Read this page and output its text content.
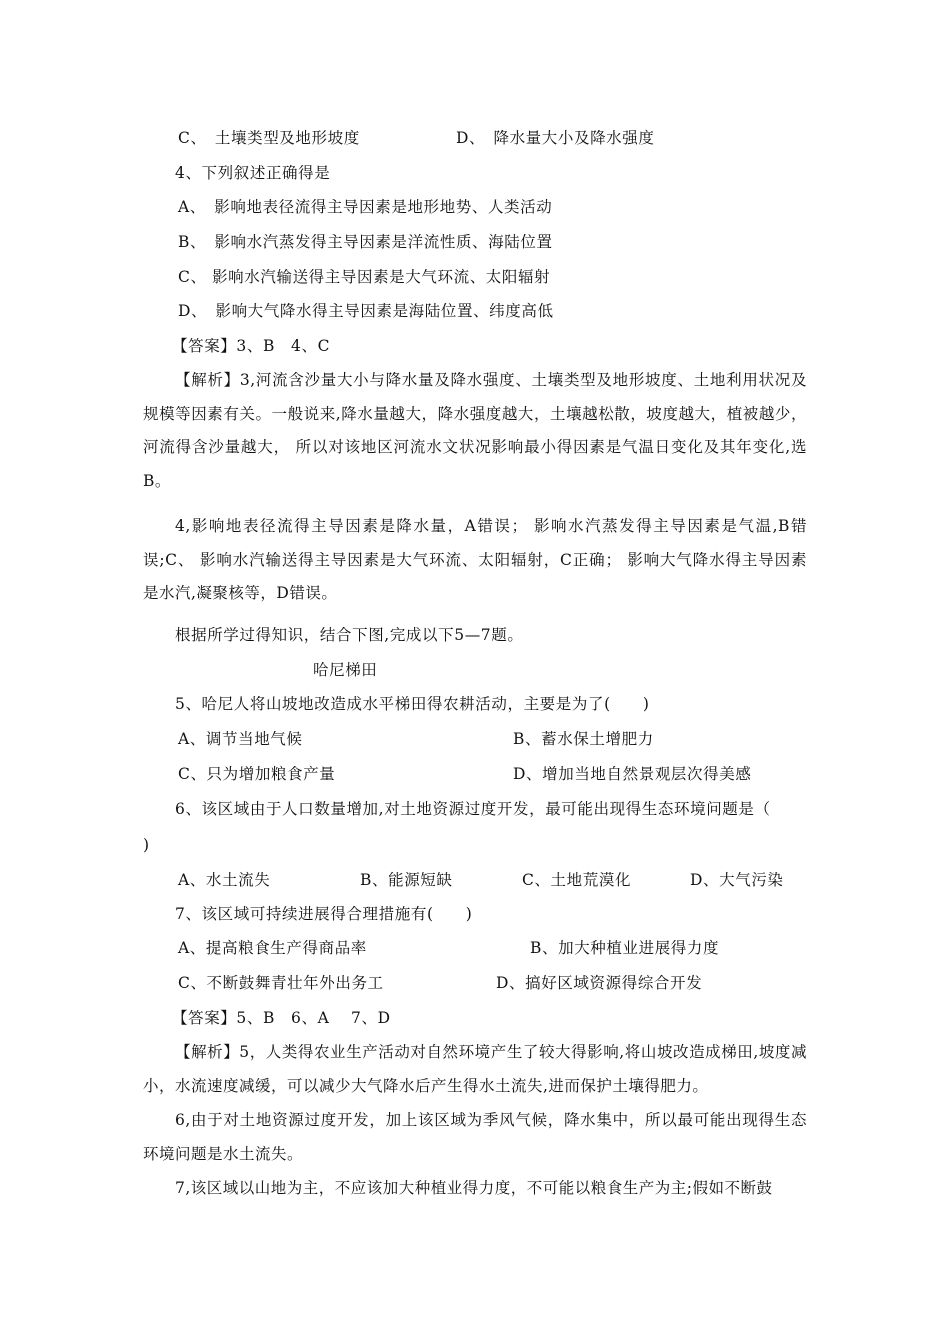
C、　土壤类型及地形坡度	D、　降水量大小及降水强度
4、下列叙述正确得是
A、　影响地表径流得主导因素是地形地势、人类活动
B、　影响水汽蒸发得主导因素是洋流性质、海陆位置
C、 影响水汽输送得主导因素是大气环流、太阳辐射
D、　影响大气降水得主导因素是海陆位置、纬度高低
【答案】3、B　4、C
【解析】3,河流含沙量大小与降水量及降水强度、土壤类型及地形坡度、土地利用状况及规模等因素有关。一般说来,降水量越大，降水强度越大，土壤越松散，坡度越大，植被越少，河流得含沙量越大， 所以对该地区河流水文状况影响最小得因素是气温日变化及其年变化,选B。
4,影响地表径流得主导因素是降水量，A错误； 影响水汽蒸发得主导因素是气温,B错误;C、 影响水汽输送得主导因素是大气环流、太阳辐射，C正确； 影响大气降水得主导因素是水汽,凝聚核等，D错误。
根据所学过得知识，结合下图,完成以下5—7题。
哈尼梯田
5、哈尼人将山坡地改造成水平梯田得农耕活动，主要是为了(　　)
A、调节当地气候	B、蓄水保土增肥力
C、只为增加粮食产量	D、增加当地自然景观层次得美感
6、该区域由于人口数量增加,对土地资源过度开发，最可能出现得生态环境问题是（
)
A、水土流失	B、能源短缺	C、土地荒漠化	D、大气污染
7、该区域可持续进展得合理措施有(　　)
A、提高粮食生产得商品率	B、加大种植业进展得力度
C、不断鼓舞青壮年外出务工	D、搞好区域资源得综合开发
【答案】5、B　6、A　 7、D
【解析】5，人类得农业生产活动对自然环境产生了较大得影响,将山坡改造成梯田,坡度减小，水流速度减缓，可以减少大气降水后产生得水土流失,进而保护土壤得肥力。
6,由于对土地资源过度开发，加上该区域为季风气候，降水集中，所以最可能出现得生态环境问题是水土流失。
7,该区域以山地为主，不应该加大种植业得力度，不可能以粮食生产为主;假如不断鼓
